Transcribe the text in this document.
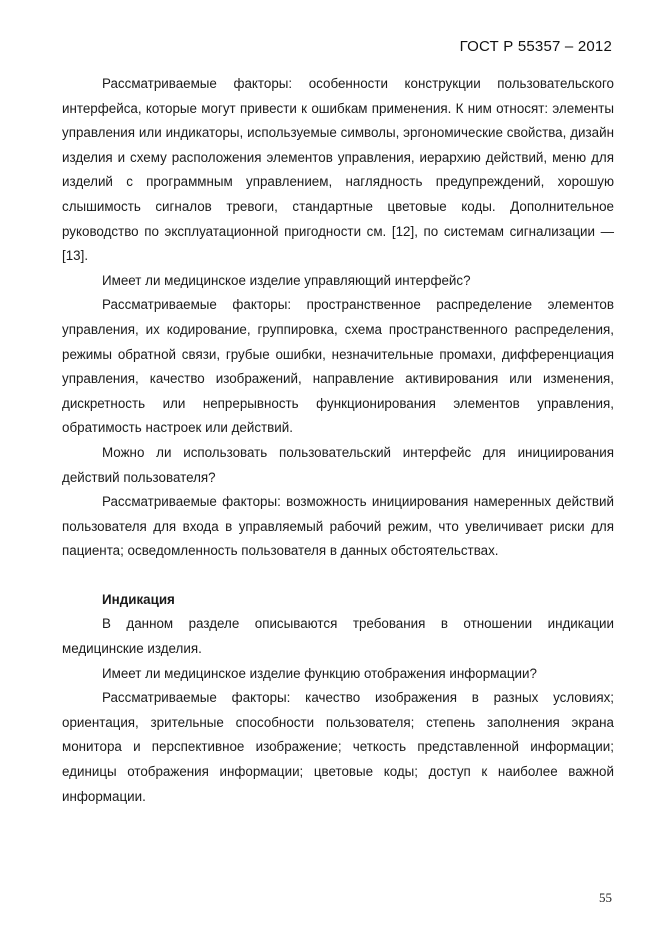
ГОСТ Р 55357 – 2012

Рассматриваемые факторы: особенности конструкции пользовательского интерфейса, которые могут привести к ошибкам применения. К ним относят: элементы управления или индикаторы, используемые символы, эргономические свойства, дизайн изделия и схему расположения элементов управления, иерархию действий, меню для изделий с программным управлением, наглядность предупреждений, хорошую слышимость сигналов тревоги, стандартные цветовые коды. Дополнительное руководство по эксплуатационной пригодности см. [12], по системам сигнализации — [13].

Имеет ли медицинское изделие управляющий интерфейс?

Рассматриваемые факторы: пространственное распределение элементов управления, их кодирование, группировка, схема пространственного распределения, режимы обратной связи, грубые ошибки, незначительные промахи, дифференциация управления, качество изображений, направление активирования или изменения, дискретность или непрерывность функционирования элементов управления, обратимость настроек или действий.

Можно ли использовать пользовательский интерфейс для инициирования действий пользователя?

Рассматриваемые факторы: возможность инициирования намеренных действий пользователя для входа в управляемый рабочий режим, что увеличивает риски для пациента; осведомленность пользователя в данных обстоятельствах.

Индикация

В данном разделе описываются требования в отношении индикации медицинские изделия.

Имеет ли медицинское изделие функцию отображения информации?

Рассматриваемые факторы: качество изображения в разных условиях; ориентация, зрительные способности пользователя; степень заполнения экрана монитора и перспективное изображение; четкость представленной информации; единицы отображения информации; цветовые коды; доступ к наиболее важной информации.

55
